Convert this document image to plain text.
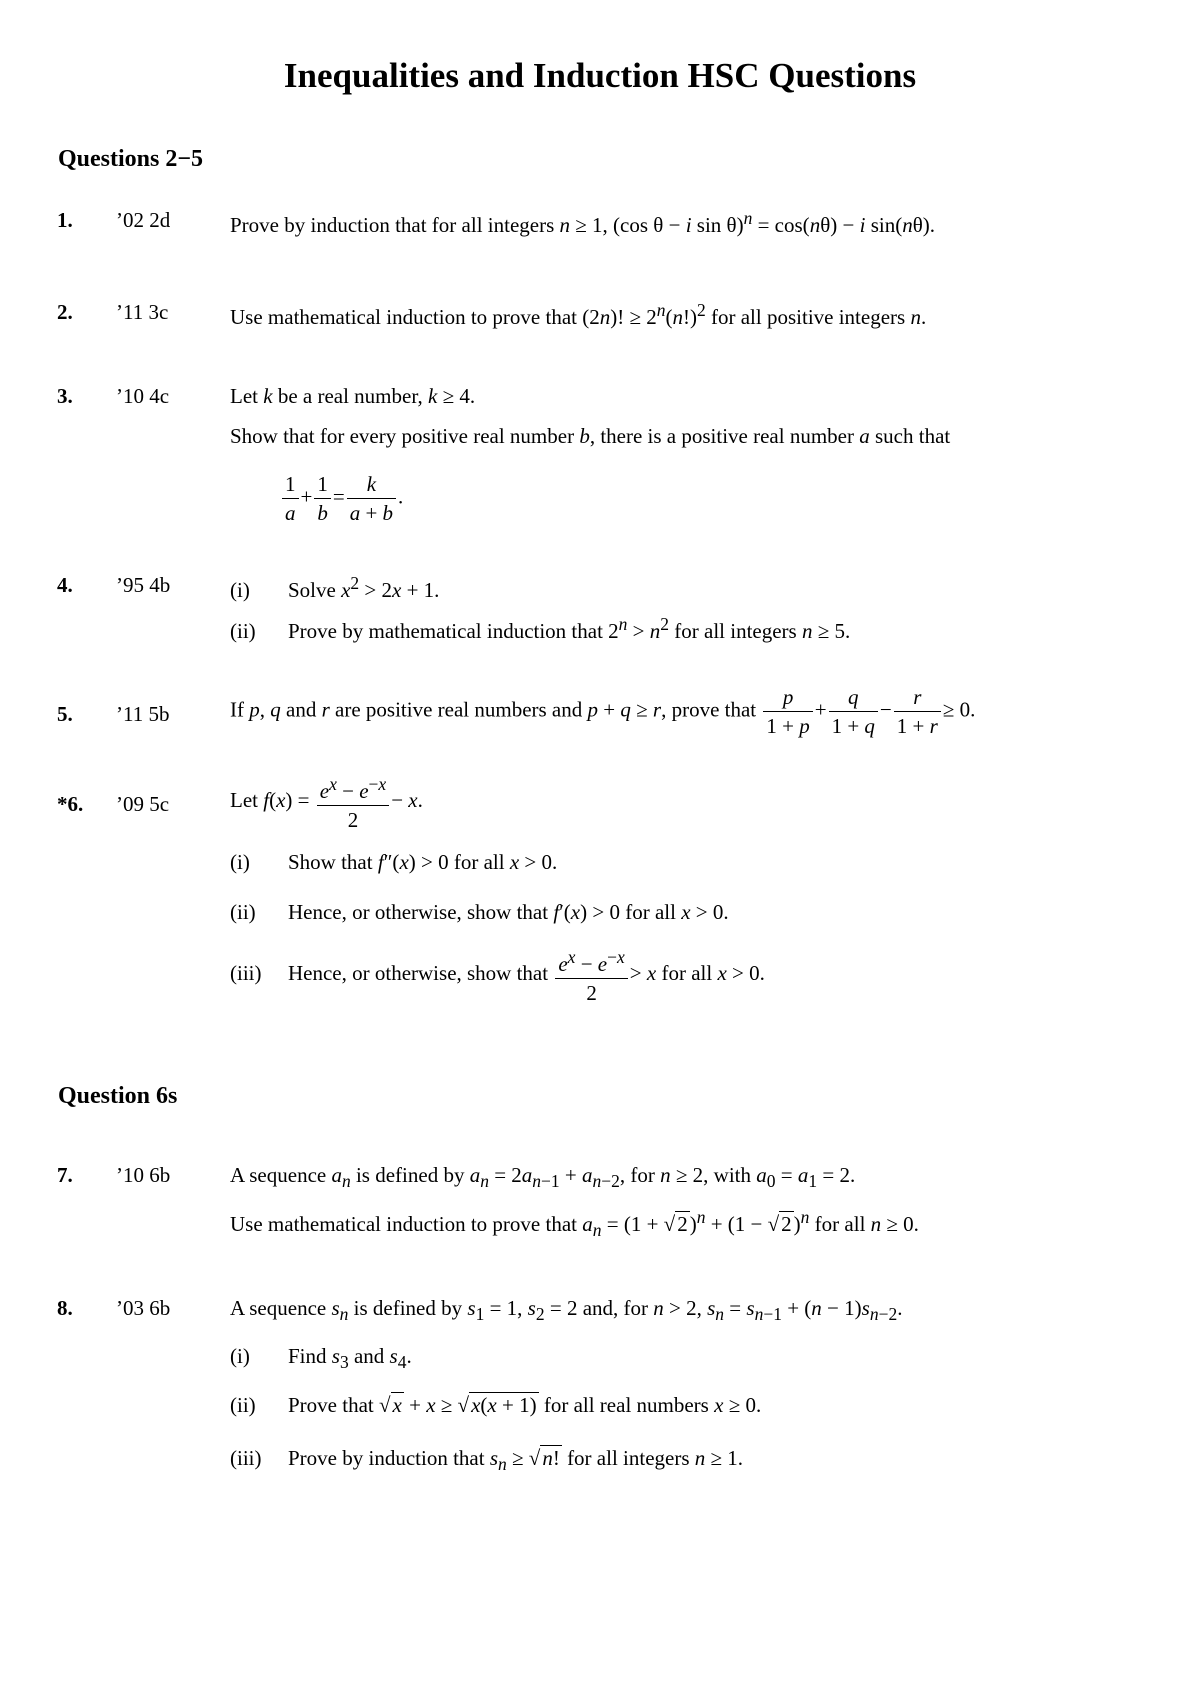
Inequalities and Induction HSC Questions
Questions 2−5
1. ’02 2d	Prove by induction that for all integers n ≥ 1, (cos θ − i sin θ)$^n$ = cos(nθ) − i sin(nθ).
2. ’11 3c	Use mathematical induction to prove that (2n)! ≥ $2^n(n!)^2$ for all positive integers n.
3. ’10 4c	Let k be a real number, k ≥ 4.
Show that for every positive real number b, there is a positive real number a such that
$\frac{1}{a} + \frac{1}{b} = \frac{k}{a + b}$ .
4. ’95 4b	(i) Solve $x^2 > 2x + 1$.
(ii) Prove by mathematical induction that $2^n > n^2$ for all integers n ≥ 5.
5. ’11 5b	If p, q and r are positive real numbers and p + q ≥ r, prove that $\frac{p}{1 + p} + \frac{q}{1 + q} - \frac{r}{1 + r} \ge 0$.
*6. ’09 5c	Let $f(x) = \frac{e^x - e^{-x}}{2} - x$.
(i) Show that f″(x) > 0 for all x > 0.
(ii) Hence, or otherwise, show that f′(x) > 0 for all x > 0.
(iii) Hence, or otherwise, show that $\frac{e^x - e^{-x}}{2} > x$ for all x > 0.
Question 6s
7. ’10 6b	A sequence $a_n$ is defined by $a_n = 2a_{n-1} + a_{n-2}$, for n ≥ 2, with $a_0 = a_1 = 2$.
Use mathematical induction to prove that $a_n = (1 + √2)^n + (1 - √2)^n$ for all n ≥ 0.
8. ’03 6b	A sequence $s_n$ is defined by $s_1 = 1$, $s_2 = 2$ and, for n > 2, $s_n = s_{n-1} + (n - 1)s_{n-2}$.
(i) Find $s_3$ and $s_4$.
(ii) Prove that √x + x ≥ √x(x + 1) for all real numbers x ≥ 0.
(iii) Prove by induction that $s_n \ge √n$! for all integers n ≥ 1.
